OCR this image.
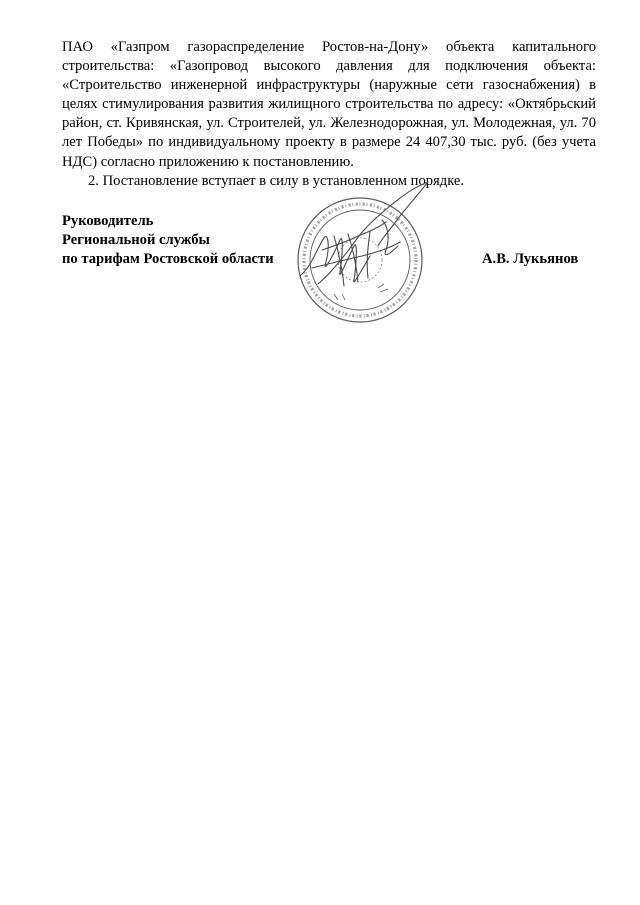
ПАО «Газпром газораспределение Ростов-на-Дону» объекта капитального строительства: «Газопровод высокого давления для подключения объекта: «Строительство инженерной инфраструктуры (наружные сети газоснабжения) в целях стимулирования развития жилищного строительства по адресу: «Октябрьский район, ст. Кривянская, ул. Строителей, ул. Железнодорожная, ул. Молодежная, ул. 70 лет Победы» по индивидуальному проекту в размере 24 407,30 тыс. руб. (без учета НДС) согласно приложению к постановлению.

2. Постановление вступает в силу в установленном порядке.

Руководитель
Региональной службы
по тарифам Ростовской области	А.В. Лукьянов
